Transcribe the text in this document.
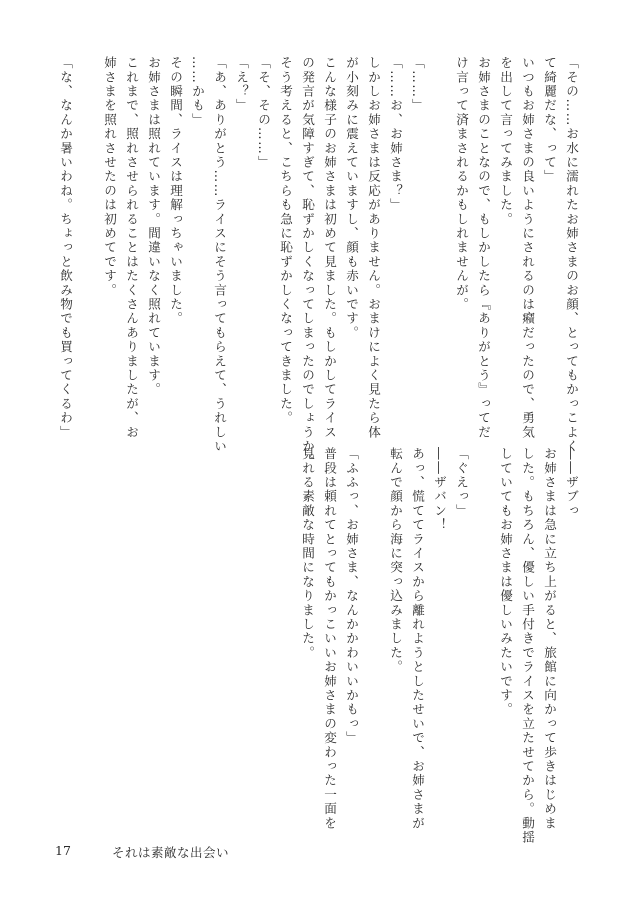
「その……お水に濡れたお姉さまのお顔、とってもかっこよく
て綺麗だな、って」
いつもお姉さまの良いようにされるのは癪だったので、勇気
を出して言ってみました。
お姉さまのことなので、もしかしたら『ありがとう』ってだ
け言って済まされるかもしれませんが。

「……」
「……お、お姉さま？」
しかしお姉さまは反応がありません。おまけによく見たら体
が小刻みに震えていますし、顔も赤いです。
こんな様子のお姉さまは初めて見ました。もしかしてライス
の発言が気障すぎて、恥ずかしくなってしまったのでしょうか。
そう考えると、こちらも急に恥ずかしくなってきました。
「そ、その……」
「え？」
「あ、ありがとう……ライスにそう言ってもらえて、うれしい
……かも」
その瞬間、ライスは理解っちゃいました。
お姉さまは照れています。間違いなく照れています。
これまで、照れさせられることはたくさんありましたが、お
姉さまを照れさせたのは初めてです。

「な、なんか暑いわね。ちょっと飲み物でも買ってくるわ」
――ザブっ
お姉さまは急に立ち上がると、旅館に向かって歩きはじめま
した。もちろん、優しい手付きでライスを立たせてから。動揺
していてもお姉さまは優しいみたいです。

「ぐえっ」
――ザバン！
あっ、慌ててライスから離れようとしたせいで、お姉さまが
転んで顔から海に突っ込みました。

「ふふっ、お姉さま、なんかかわいいかもっ」
普段は頼れてとってもかっこいいお姉さまの変わった一面を
見れる素敵な時間になりました。
17	それは素敵な出会い
